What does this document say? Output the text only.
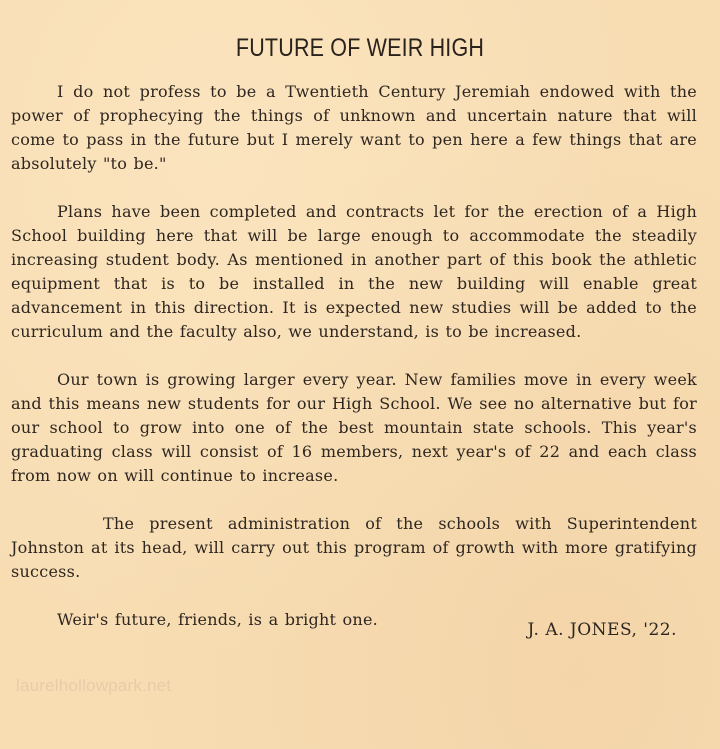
FUTURE OF WEIR HIGH

I do not profess to be a Twentieth Century Jeremiah endowed with the power of prophecying the things of unknown and uncertain nature that will come to pass in the future but I merely want to pen here a few things that are absolutely "to be."

Plans have been completed and contracts let for the erection of a High School building here that will be large enough to accommodate the steadily increasing student body. As mentioned in another part of this book the athletic equipment that is to be installed in the new building will enable great advancement in this direction. It is expected new studies will be added to the curriculum and the faculty also, we understand, is to be increased.

Our town is growing larger every year. New families move in every week and this means new students for our High School. We see no alternative but for our school to grow into one of the best mountain state schools. This year's graduating class will consist of 16 members, next year's of 22 and each class from now on will continue to increase.

The present administration of the schools with Superintendent Johnston at its head, will carry out this program of growth with more gratifying success.

Weir's future, friends, is a bright one.

J. A. JONES, '22.
laurelhollowpark.net
